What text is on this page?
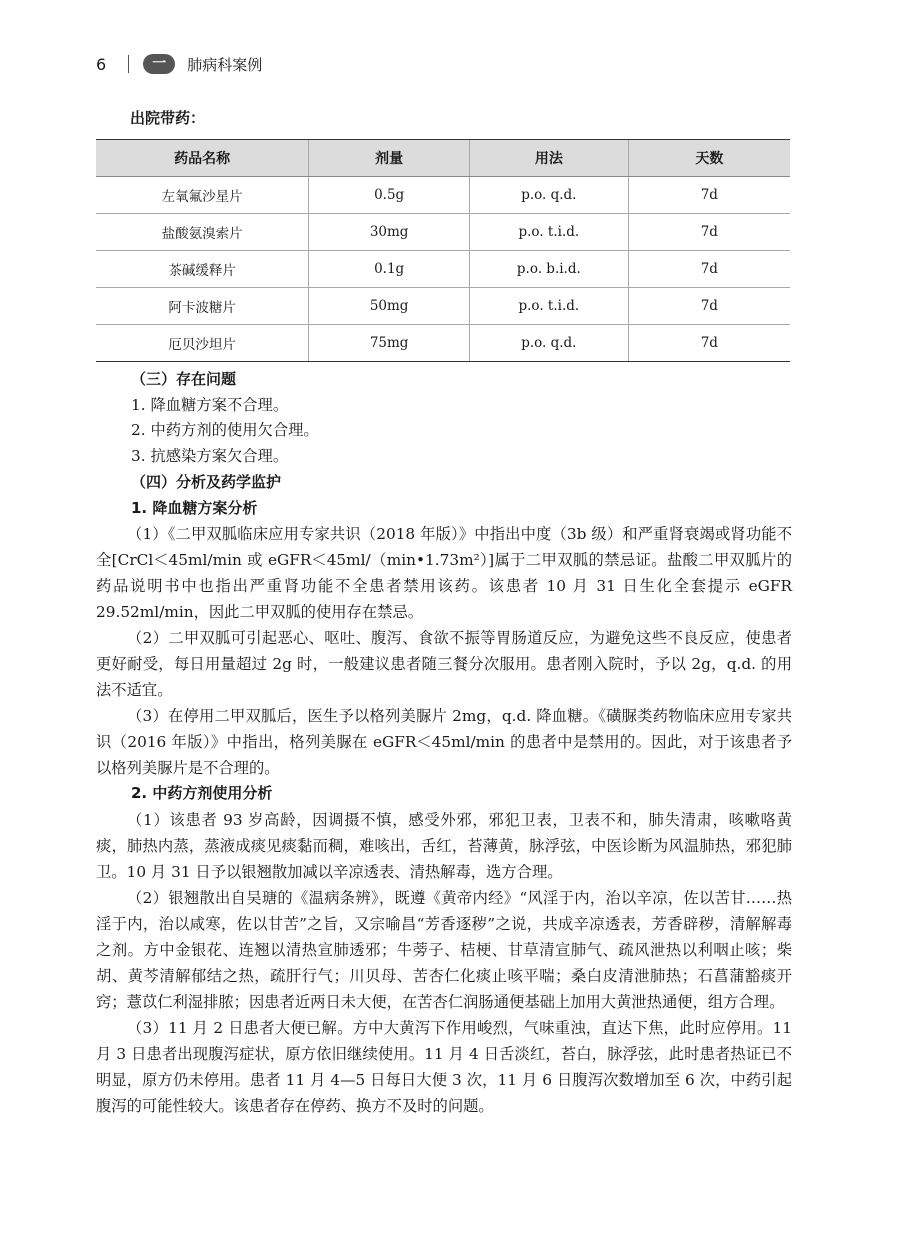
6	一	肺病科案例
出院带药：
药品名称	剂量	用法	天数
左氧氟沙星片	0.5g	p.o. q.d.	7d
盐酸氨溴索片	30mg	p.o. t.i.d.	7d
茶碱缓释片	0.1g	p.o. b.i.d.	7d
阿卡波糖片	50mg	p.o. t.i.d.	7d
厄贝沙坦片	75mg	p.o. q.d.	7d
（三）存在问题
1. 降血糖方案不合理。
2. 中药方剂的使用欠合理。
3. 抗感染方案欠合理。
（四）分析及药学监护
1. 降血糖方案分析

（1）《二甲双胍临床应用专家共识（2018 年版）》中指出中度（3b 级）和严重肾衰竭或肾功能不全[CrCl＜45ml/min 或 eGFR＜45ml/（min•1.73m²）]属于二甲双胍的禁忌证。盐酸二甲双胍片的药品说明书中也指出严重肾功能不全患者禁用该药。该患者 10 月 31 日生化全套提示 eGFR 29.52ml/min，因此二甲双胍的使用存在禁忌。

（2）二甲双胍可引起恶心、呕吐、腹泻、食欲不振等胃肠道反应，为避免这些不良反应，使患者更好耐受，每日用量超过 2g 时，一般建议患者随三餐分次服用。患者刚入院时，予以 2g，q.d. 的用法不适宜。

（3）在停用二甲双胍后，医生予以格列美脲片 2mg，q.d. 降血糖。《磺脲类药物临床应用专家共识（2016 年版）》中指出，格列美脲在 eGFR＜45ml/min 的患者中是禁用的。因此，对于该患者予以格列美脲片是不合理的。

2. 中药方剂使用分析

（1）该患者 93 岁高龄，因调摄不慎，感受外邪，邪犯卫表，卫表不和，肺失清肃，咳嗽咯黄痰，肺热内蒸，蒸液成痰见痰黏而稠，难咳出，舌红，苔薄黄，脉浮弦，中医诊断为风温肺热，邪犯肺卫。10 月 31 日予以银翘散加减以辛凉透表、清热解毒，选方合理。

（2）银翘散出自吴瑭的《温病条辨》，既遵《黄帝内经》“风淫于内，治以辛凉，佐以苦甘……热淫于内，治以咸寒，佐以甘苦”之旨，又宗喻昌“芳香逐秽”之说，共成辛凉透表，芳香辟秽，清解解毒之剂。方中金银花、连翘以清热宣肺透邪；牛蒡子、桔梗、甘草清宣肺气、疏风泄热以利咽止咳；柴胡、黄芩清解郁结之热，疏肝行气；川贝母、苦杏仁化痰止咳平喘；桑白皮清泄肺热；石菖蒲豁痰开窍；薏苡仁利湿排脓；因患者近两日未大便，在苦杏仁润肠通便基础上加用大黄泄热通便，组方合理。

（3）11 月 2 日患者大便已解。方中大黄泻下作用峻烈，气味重浊，直达下焦，此时应停用。11 月 3 日患者出现腹泻症状，原方依旧继续使用。11 月 4 日舌淡红，苔白，脉浮弦，此时患者热证已不明显，原方仍未停用。患者 11 月 4—5 日每日大便 3 次，11 月 6 日腹泻次数增加至 6 次，中药引起腹泻的可能性较大。该患者存在停药、换方不及时的问题。
